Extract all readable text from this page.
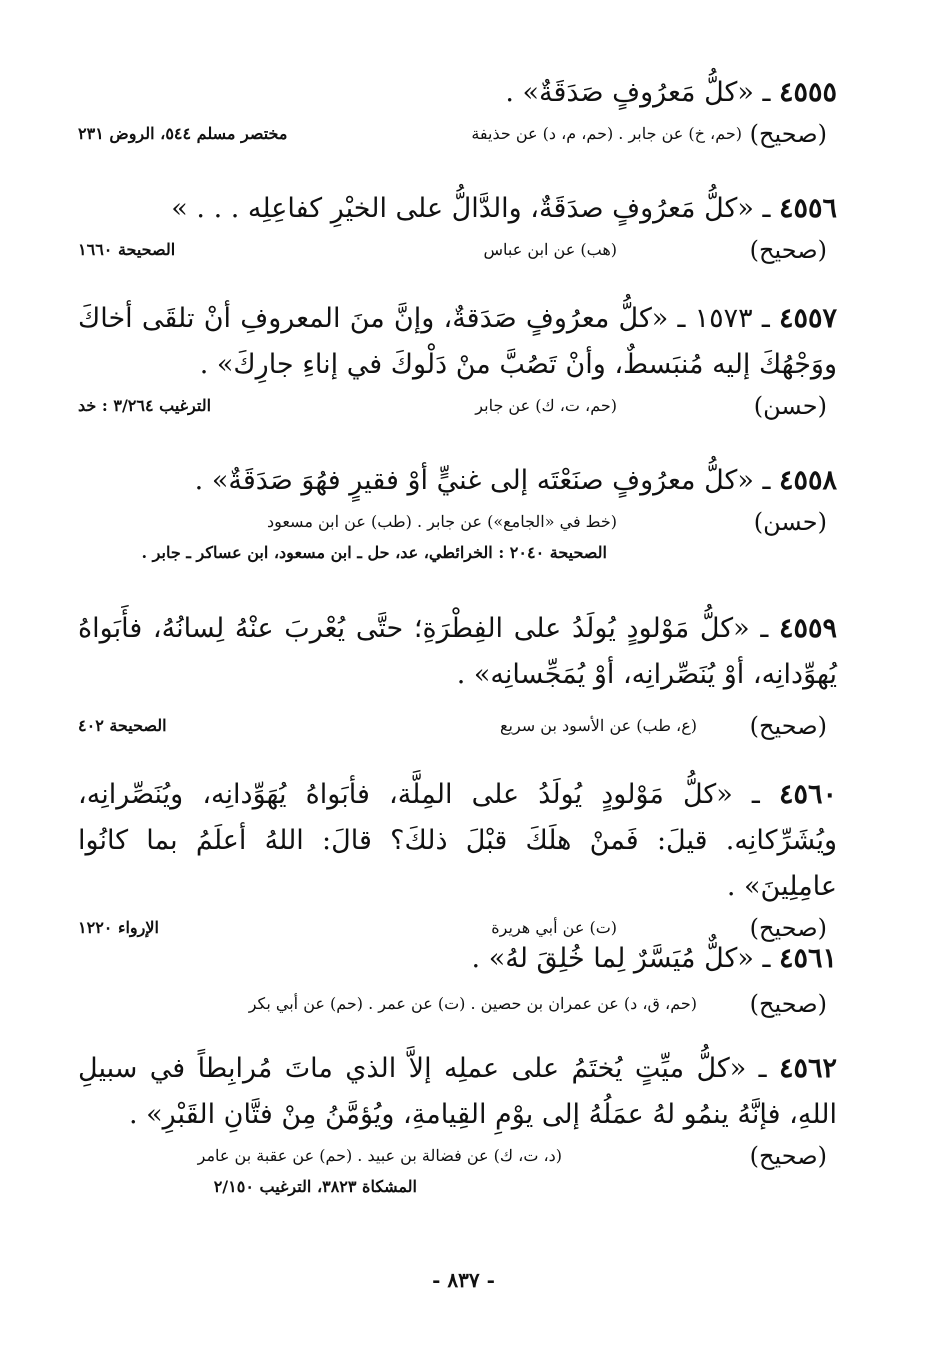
٤٥٥٥ ـ «كلُّ مَعرُوفٍ صَدَقَةٌ» .
( صحيح )
(حم، خ) عن جابر . (حم، م، د) عن حذيفة
مختصر مسلم ٥٤٤، الروض ٢٣١
٤٥٥٦ ـ «كلُّ مَعرُوفٍ صدَقَةٌ، والدَّالُّ على الخيْرِ كفاعِلِه . . . »
( صحيح )
(هب) عن ابن عباس
الصحيحة ١٦٦٠
٤٥٥٧ ـ ١٥٧٣ ـ «كلُّ معرُوفٍ صَدَقةٌ، وإنَّ منَ المعروفِ أنْ تلقَى أخاكَ ووَجْهُكَ إليه مُنبَسطٌ، وأنْ تَصُبَّ منْ دَلْوكَ في إناءِ جارِكَ» .
( حسن )
(حم، ت، ك) عن جابر
الترغيب ٣/٢٦٤ : خد
٤٥٥٨ ـ «كلُّ معرُوفٍ صنَعْتَه إلى غنيٍّ أوْ فقيرٍ فهُوَ صَدَقَةٌ» .
( حسن )
(خط في «الجامع») عن جابر . (طب) عن ابن مسعود
الصحيحة ٢٠٤٠ : الخرائطي، عد، حل ـ ابن مسعود، ابن عساكر ـ جابر .
٤٥٥٩ ـ «كلُّ مَوْلودٍ يُولَدُ على الفِطْرَةِ؛ حتَّى يُعْربَ عنْهُ لِسانُهُ، فأَبَواهُ يُهوِّدانِه، أوْ يُنَصِّرانِه، أوْ يُمَجِّسانِه» .
( صحيح )
(ع، طب) عن الأسود بن سريع
الصحيحة ٤٠٢
٤٥٦٠ ـ «كلُّ مَوْلودٍ يُولَدُ على المِلَّة، فأبَواهُ يُهَوِّدانِه، ويُنَصِّرانِه، ويُشَرِّكانِه. قيلَ: فَمنْ هلَكَ قبْلَ ذلكَ؟ قالَ: اللهُ أعلَمُ بما كانُوا عامِلِينَ» .
( صحيح )
(ت) عن أبي هريرة
الإرواء ١٢٢٠
٤٥٦١ ـ «كلٌّ مُيَسَّرٌ لِما خُلِقَ لهُ» .
( صحيح )
(حم، ق، د) عن عمران بن حصين . (ت) عن عمر . (حم) عن أبي بكر
٤٥٦٢ ـ «كلُّ ميِّتٍ يُختَمُ على عملِه إلاَّ الذي ماتَ مُرابِطاً في سبيلِ اللهِ، فإنَّهُ ينمُو لهُ عمَلُهُ إلى يوْمِ القِيامةِ، ويُؤمَّنُ مِنْ فتَّانِ القَبْرِ» .
( صحيح )
(د، ت، ك) عن فضالة بن عبيد . (حم) عن عقبة بن عامر
المشكاة ٣٨٢٣، الترغيب ٢/١٥٠
- ٨٣٧ -
